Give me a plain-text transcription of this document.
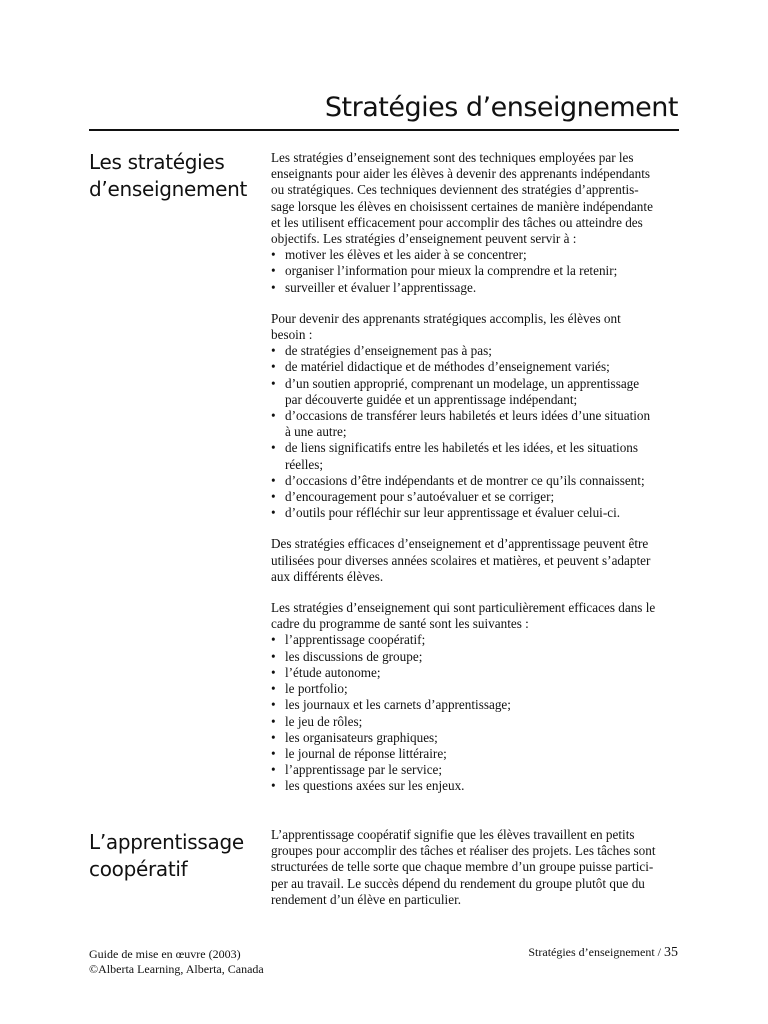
Stratégies d’enseignement
Les stratégies
d’enseignement

Les stratégies d’enseignement sont des techniques employées par les
enseignants pour aider les élèves à devenir des apprenants indépendants
ou stratégiques. Ces techniques deviennent des stratégies d’apprentis-
sage lorsque les élèves en choisissent certaines de manière indépendante
et les utilisent efficacement pour accomplir des tâches ou atteindre des
objectifs. Les stratégies d’enseignement peuvent servir à :

• motiver les élèves et les aider à se concentrer;
• organiser l’information pour mieux la comprendre et la retenir;
• surveiller et évaluer l’apprentissage.

Pour devenir des apprenants stratégiques accomplis, les élèves ont
besoin :

• de stratégies d’enseignement pas à pas;
• de matériel didactique et de méthodes d’enseignement variés;
• d’un soutien approprié, comprenant un modelage, un apprentissage
par découverte guidée et un apprentissage indépendant;
• d’occasions de transférer leurs habiletés et leurs idées d’une situation
à une autre;
• de liens significatifs entre les habiletés et les idées, et les situations
réelles;
• d’occasions d’être indépendants et de montrer ce qu’ils connaissent;
• d’encouragement pour s’autoévaluer et se corriger;
• d’outils pour réfléchir sur leur apprentissage et évaluer celui-ci.

Des stratégies efficaces d’enseignement et d’apprentissage peuvent être
utilisées pour diverses années scolaires et matières, et peuvent s’adapter
aux différents élèves.

Les stratégies d’enseignement qui sont particulièrement efficaces dans le
cadre du programme de santé sont les suivantes :

• l’apprentissage coopératif;
• les discussions de groupe;
• l’étude autonome;
• le portfolio;
• les journaux et les carnets d’apprentissage;
• le jeu de rôles;
• les organisateurs graphiques;
• le journal de réponse littéraire;
• l’apprentissage par le service;
• les questions axées sur les enjeux.
L’apprentissage
coopératif

L’apprentissage coopératif signifie que les élèves travaillent en petits
groupes pour accomplir des tâches et réaliser des projets. Les tâches sont
structurées de telle sorte que chaque membre d’un groupe puisse partici-
per au travail. Le succès dépend du rendement du groupe plutôt que du
rendement d’un élève en particulier.

Guide de mise en œuvre (2003)
©Alberta Learning, Alberta, Canada
Stratégies d’enseignement / 35
